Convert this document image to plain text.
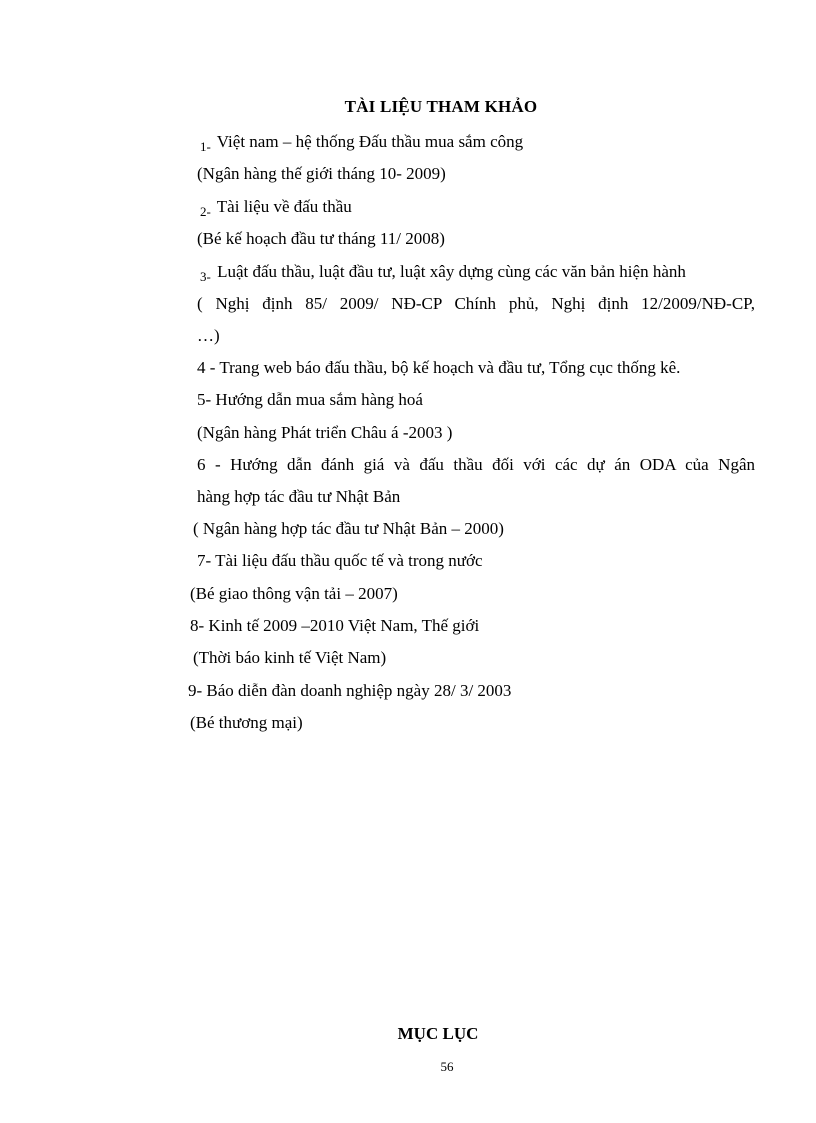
TÀI LIỆU THAM KHẢO
$_{1-}$ Việt nam – hệ thống Đấu thầu mua sắm công
(Ngân hàng thế giới tháng 10- 2009)
$_{2-}$ Tài liệu về đấu thầu
(Bé kế hoạch đầu tư tháng 11/ 2008)
$_{3-}$ Luật đấu thầu, luật đầu tư, luật xây dựng cùng các văn bản hiện hành
( Nghị định 85/ 2009/ NĐ-CP Chính phủ, Nghị định 12/2009/NĐ-CP,
…)
4 - Trang web báo đấu thầu, bộ kế hoạch và đầu tư, Tổng cục thống kê.
5- Hướng dẫn mua sắm hàng hoá
(Ngân hàng Phát triển Châu á -2003 )
6 - Hướng dẫn đánh giá và đấu thầu đối với các dự án ODA của Ngân
hàng hợp tác đầu tư Nhật Bản
( Ngân hàng hợp tác đầu tư Nhật Bản – 2000)
7- Tài liệu đấu thầu quốc tế và trong nước
(Bé giao thông vận tải – 2007)
8- Kinh tế 2009 –2010 Việt Nam, Thế giới
(Thời báo kinh tế Việt Nam)
9- Báo diễn đàn doanh nghiệp ngày 28/ 3/ 2003
(Bé thương mại)
MỤC LỤC
56
